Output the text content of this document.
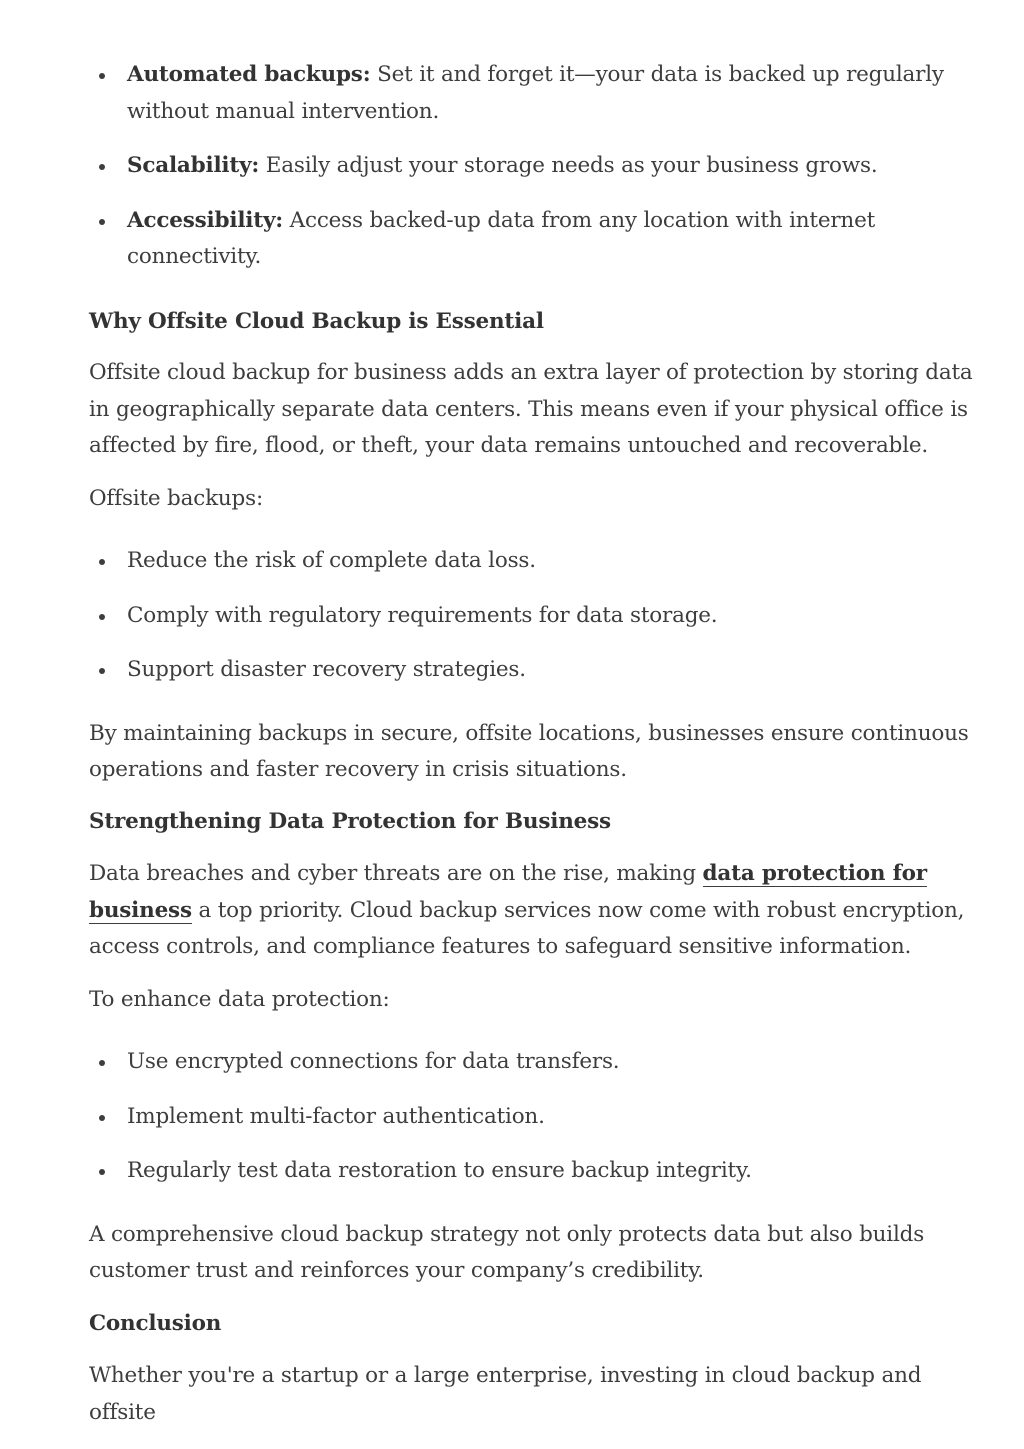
Automated backups: Set it and forget it—your data is backed up regularly without manual intervention.
Scalability: Easily adjust your storage needs as your business grows.
Accessibility: Access backed-up data from any location with internet connectivity.
Why Offsite Cloud Backup is Essential

Offsite cloud backup for business adds an extra layer of protection by storing data in geographically separate data centers. This means even if your physical office is affected by fire, flood, or theft, your data remains untouched and recoverable.

Offsite backups:

Reduce the risk of complete data loss.
Comply with regulatory requirements for data storage.
Support disaster recovery strategies.

By maintaining backups in secure, offsite locations, businesses ensure continuous operations and faster recovery in crisis situations.

Strengthening Data Protection for Business

Data breaches and cyber threats are on the rise, making data protection for business a top priority. Cloud backup services now come with robust encryption, access controls, and compliance features to safeguard sensitive information.

To enhance data protection:

Use encrypted connections for data transfers.
Implement multi-factor authentication.
Regularly test data restoration to ensure backup integrity.

A comprehensive cloud backup strategy not only protects data but also builds customer trust and reinforces your company’s credibility.

Conclusion

Whether you're a startup or a large enterprise, investing in cloud backup and offsite
